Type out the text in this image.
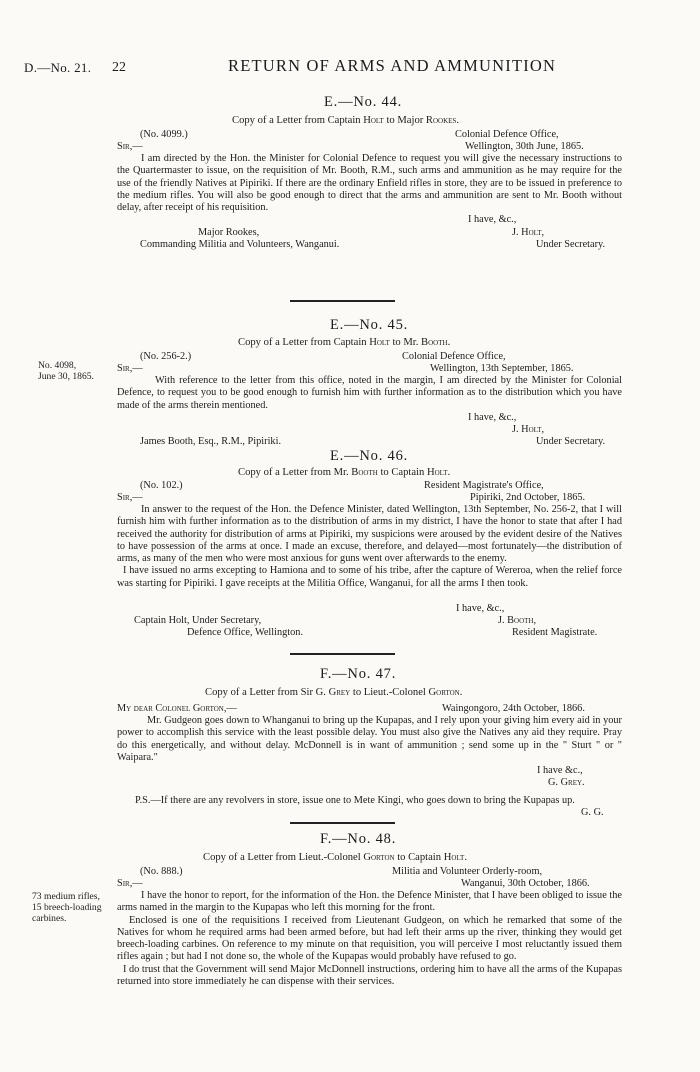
D.—No. 21. 22	RETURN OF ARMS AND AMMUNITION
E.—No. 44.
Copy of a Letter from Captain Holt to Major Rookes.
(No. 4099.)	Colonial Defence Office,
Sir,—	Wellington, 30th June, 1865.

I am directed by the Hon. the Minister for Colonial Defence to request you will give the necessary instructions to the Quartermaster to issue, on the requisition of Mr. Booth, R.M., such arms and ammunition as he may require for the use of the friendly Natives at Pipiriki. If there are the ordinary Enfield rifles in store, they are to be issued in preference to the medium rifles. You will also be good enough to direct that the arms and ammunition are sent to Mr. Booth without delay, after receipt of his requisition.

I have, &c.,
Major Rookes,	J. Holt,
Commanding Militia and Volunteers, Wanganui.	Under Secretary.
E.—No. 45.
Copy of a Letter from Captain Holt to Mr. Booth.
(No. 256-2.)	Colonial Defence Office,
Sir,—	Wellington, 13th September, 1865.
No. 4098,
June 30, 1865.	With reference to the letter from this office, noted in the margin, I am directed by the Minister for Colonial Defence, to request you to be good enough to furnish him with further information as to the distribution which you have made of the arms therein mentioned.

I have, &c.,
J. Holt,
James Booth, Esq., R.M., Pipiriki.	Under Secretary.
E.—No. 46.
Copy of a Letter from Mr. Booth to Captain Holt.
(No. 102.)	Resident Magistrate's Office,
Sir,—	Pipiriki, 2nd October, 1865.

In answer to the request of the Hon. the Defence Minister, dated Wellington, 13th September, No. 256-2, that I will furnish him with further information as to the distribution of arms in my district, I have the honor to state that after I had received the authority for distribution of arms at Pipiriki, my suspicions were aroused by the evident desire of the Natives to have possession of the arms at once. I made an excuse, therefore, and delayed—most fortunately—the distribution of arms, as many of the men who were most anxious for guns went over afterwards to the enemy.

I have issued no arms excepting to Hamiona and to some of his tribe, after the capture of Wereroa, when the relief force was starting for Pipiriki. I gave receipts at the Militia Office, Wanganui, for all the arms I then took.

I have, &c.,
Captain Holt, Under Secretary,	J. Booth,
Defence Office, Wellington.	Resident Magistrate.
F.—No. 47.
Copy of a Letter from Sir G. Grey to Lieut.-Colonel Gorton.
My dear Colonel Gorton,—	Waingongoro, 24th October, 1866.

Mr. Gudgeon goes down to Whanganui to bring up the Kupapas, and I rely upon your giving him every aid in your power to accomplish this service with the least possible delay. You must also give the Natives any aid they require. Pray do this energetically, and without delay. McDonnell is in want of ammunition ; send some up in the " Sturt " or " Waipara."

I have &c.,
G. Grey.

P.S.—If there are any revolvers in store, issue one to Mete Kingi, who goes down to bring the Kupapas up.

G. G.
F.—No. 48.
Copy of a Letter from Lieut.-Colonel Gorton to Captain Holt.
(No. 888.)	Militia and Volunteer Orderly-room,
Sir,—	Wanganui, 30th October, 1866.
73 medium rifles,
15 breech-loading
carbines.

I have the honor to report, for the information of the Hon. the Defence Minister, that I have been obliged to issue the arms named in the margin to the Kupapas who left this morning for the front.

Enclosed is one of the requisitions I received from Lieutenant Gudgeon, on which he remarked that some of the Natives for whom he required arms had been armed before, but had left their arms up the river, thinking they would get breech-loading carbines. On reference to my minute on that requisition, you will perceive I most reluctantly issued them rifles again ; but had I not done so, the whole of the Kupapas would probably have refused to go.

I do trust that the Government will send Major McDonnell instructions, ordering him to have all the arms of the Kupapas returned into store immediately he can dispense with their services.
